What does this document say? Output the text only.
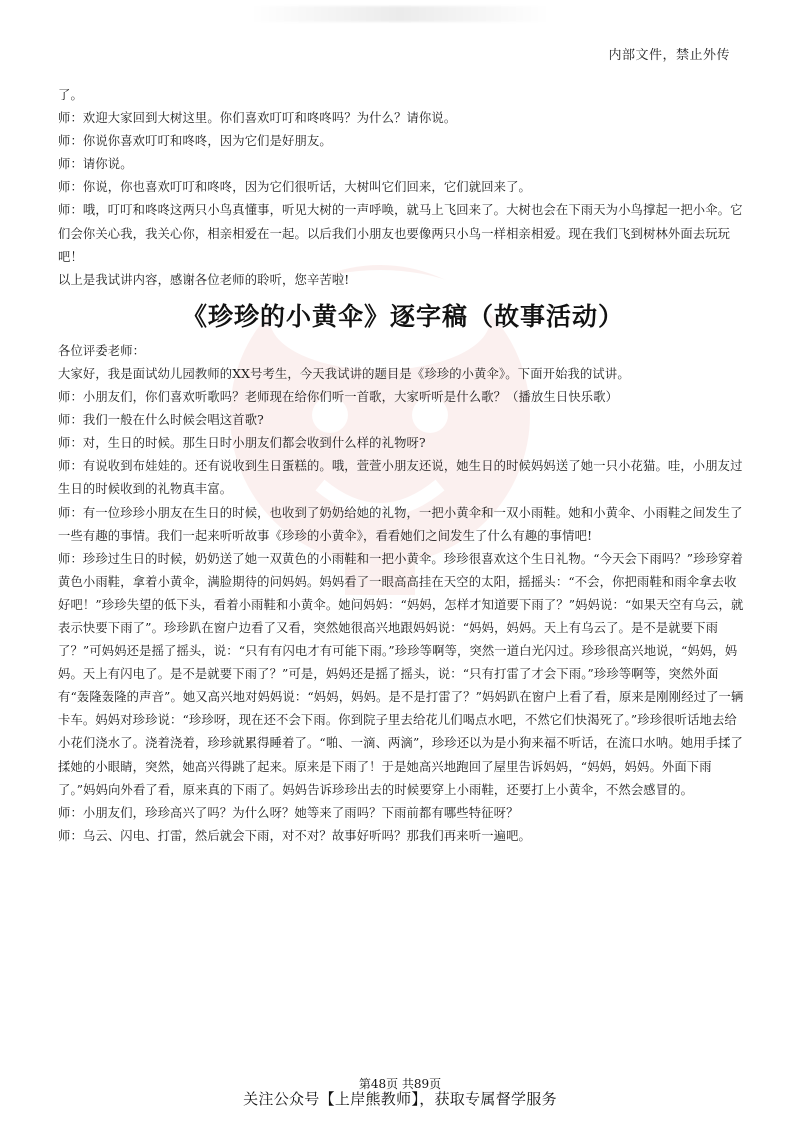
内部文件，禁止外传

了。

师：欢迎大家回到大树这里。你们喜欢叮叮和咚咚吗？为什么？请你说。

师：你说你喜欢叮叮和咚咚，因为它们是好朋友。

师：请你说。

师：你说，你也喜欢叮叮和咚咚，因为它们很听话，大树叫它们回来，它们就回来了。

师：哦，叮叮和咚咚这两只小鸟真懂事，听见大树的一声呼唤，就马上飞回来了。大树也会在下雨天为小鸟撑起一把小伞。它们会你关心我，我关心你，相亲相爱在一起。以后我们小朋友也要像两只小鸟一样相亲相爱。现在我们飞到树林外面去玩玩吧！

以上是我试讲内容，感谢各位老师的聆听，您辛苦啦!

《珍珍的小黄伞》逐字稿（故事活动）

各位评委老师：

大家好，我是面试幼儿园教师的XX号考生，今天我试讲的题目是《珍珍的小黄伞》。下面开始我的试讲。

师：小朋友们，你们喜欢听歌吗？老师现在给你们听一首歌，大家听听是什么歌？（播放生日快乐歌）

师：我们一般在什么时候会唱这首歌?

师：对，生日的时候。那生日时小朋友们都会收到什么样的礼物呀?

师：有说收到布娃娃的。还有说收到生日蛋糕的。哦，萱萱小朋友还说，她生日的时候妈妈送了她一只小花猫。哇，小朋友过生日的时候收到的礼物真丰富。

师：有一位珍珍小朋友在生日的时候，也收到了奶奶给她的礼物，一把小黄伞和一双小雨鞋。她和小黄伞、小雨鞋之间发生了一些有趣的事情。我们一起来听听故事《珍珍的小黄伞》，看看她们之间发生了什么有趣的事情吧!

师：珍珍过生日的时候，奶奶送了她一双黄色的小雨鞋和一把小黄伞。珍珍很喜欢这个生日礼物。“今天会下雨吗？”珍珍穿着黄色小雨鞋，拿着小黄伞，满脸期待的问妈妈。妈妈看了一眼高高挂在天空的太阳，摇摇头：“不会，你把雨鞋和雨伞拿去收好吧！”珍珍失望的低下头，看着小雨鞋和小黄伞。她问妈妈：“妈妈，怎样才知道要下雨了？”妈妈说：“如果天空有乌云，就表示快要下雨了”。珍珍趴在窗户边看了又看，突然她很高兴地跟妈妈说：“妈妈，妈妈。天上有乌云了。是不是就要下雨了？”可妈妈还是摇了摇头，说：“只有有闪电才有可能下雨。”珍珍等啊等，突然一道白光闪过。珍珍很高兴地说，“妈妈，妈妈。天上有闪电了。是不是就要下雨了？”可是，妈妈还是摇了摇头，说：“只有打雷了才会下雨。”珍珍等啊等，突然外面有“轰隆轰隆的声音”。她又高兴地对妈妈说：“妈妈，妈妈。是不是打雷了？”妈妈趴在窗户上看了看，原来是刚刚经过了一辆卡车。妈妈对珍珍说：“珍珍呀，现在还不会下雨。你到院子里去给花儿们喝点水吧，不然它们快渴死了。”珍珍很听话地去给小花们浇水了。浇着浇着，珍珍就累得睡着了。“啪、一滴、两滴”，珍珍还以为是小狗来福不听话，在流口水呐。她用手揉了揉她的小眼睛，突然，她高兴得跳了起来。原来是下雨了！于是她高兴地跑回了屋里告诉妈妈，“妈妈，妈妈。外面下雨了。”妈妈向外看了看，原来真的下雨了。妈妈告诉珍珍出去的时候要穿上小雨鞋，还要打上小黄伞，不然会感冒的。

师：小朋友们，珍珍高兴了吗？为什么呀？她等来了雨吗？下雨前都有哪些特征呀？

师：乌云、闪电、打雷，然后就会下雨，对不对？故事好听吗？那我们再来听一遍吧。

第48页 共89页
关注公众号【上岸熊教师】，获取专属督学服务
